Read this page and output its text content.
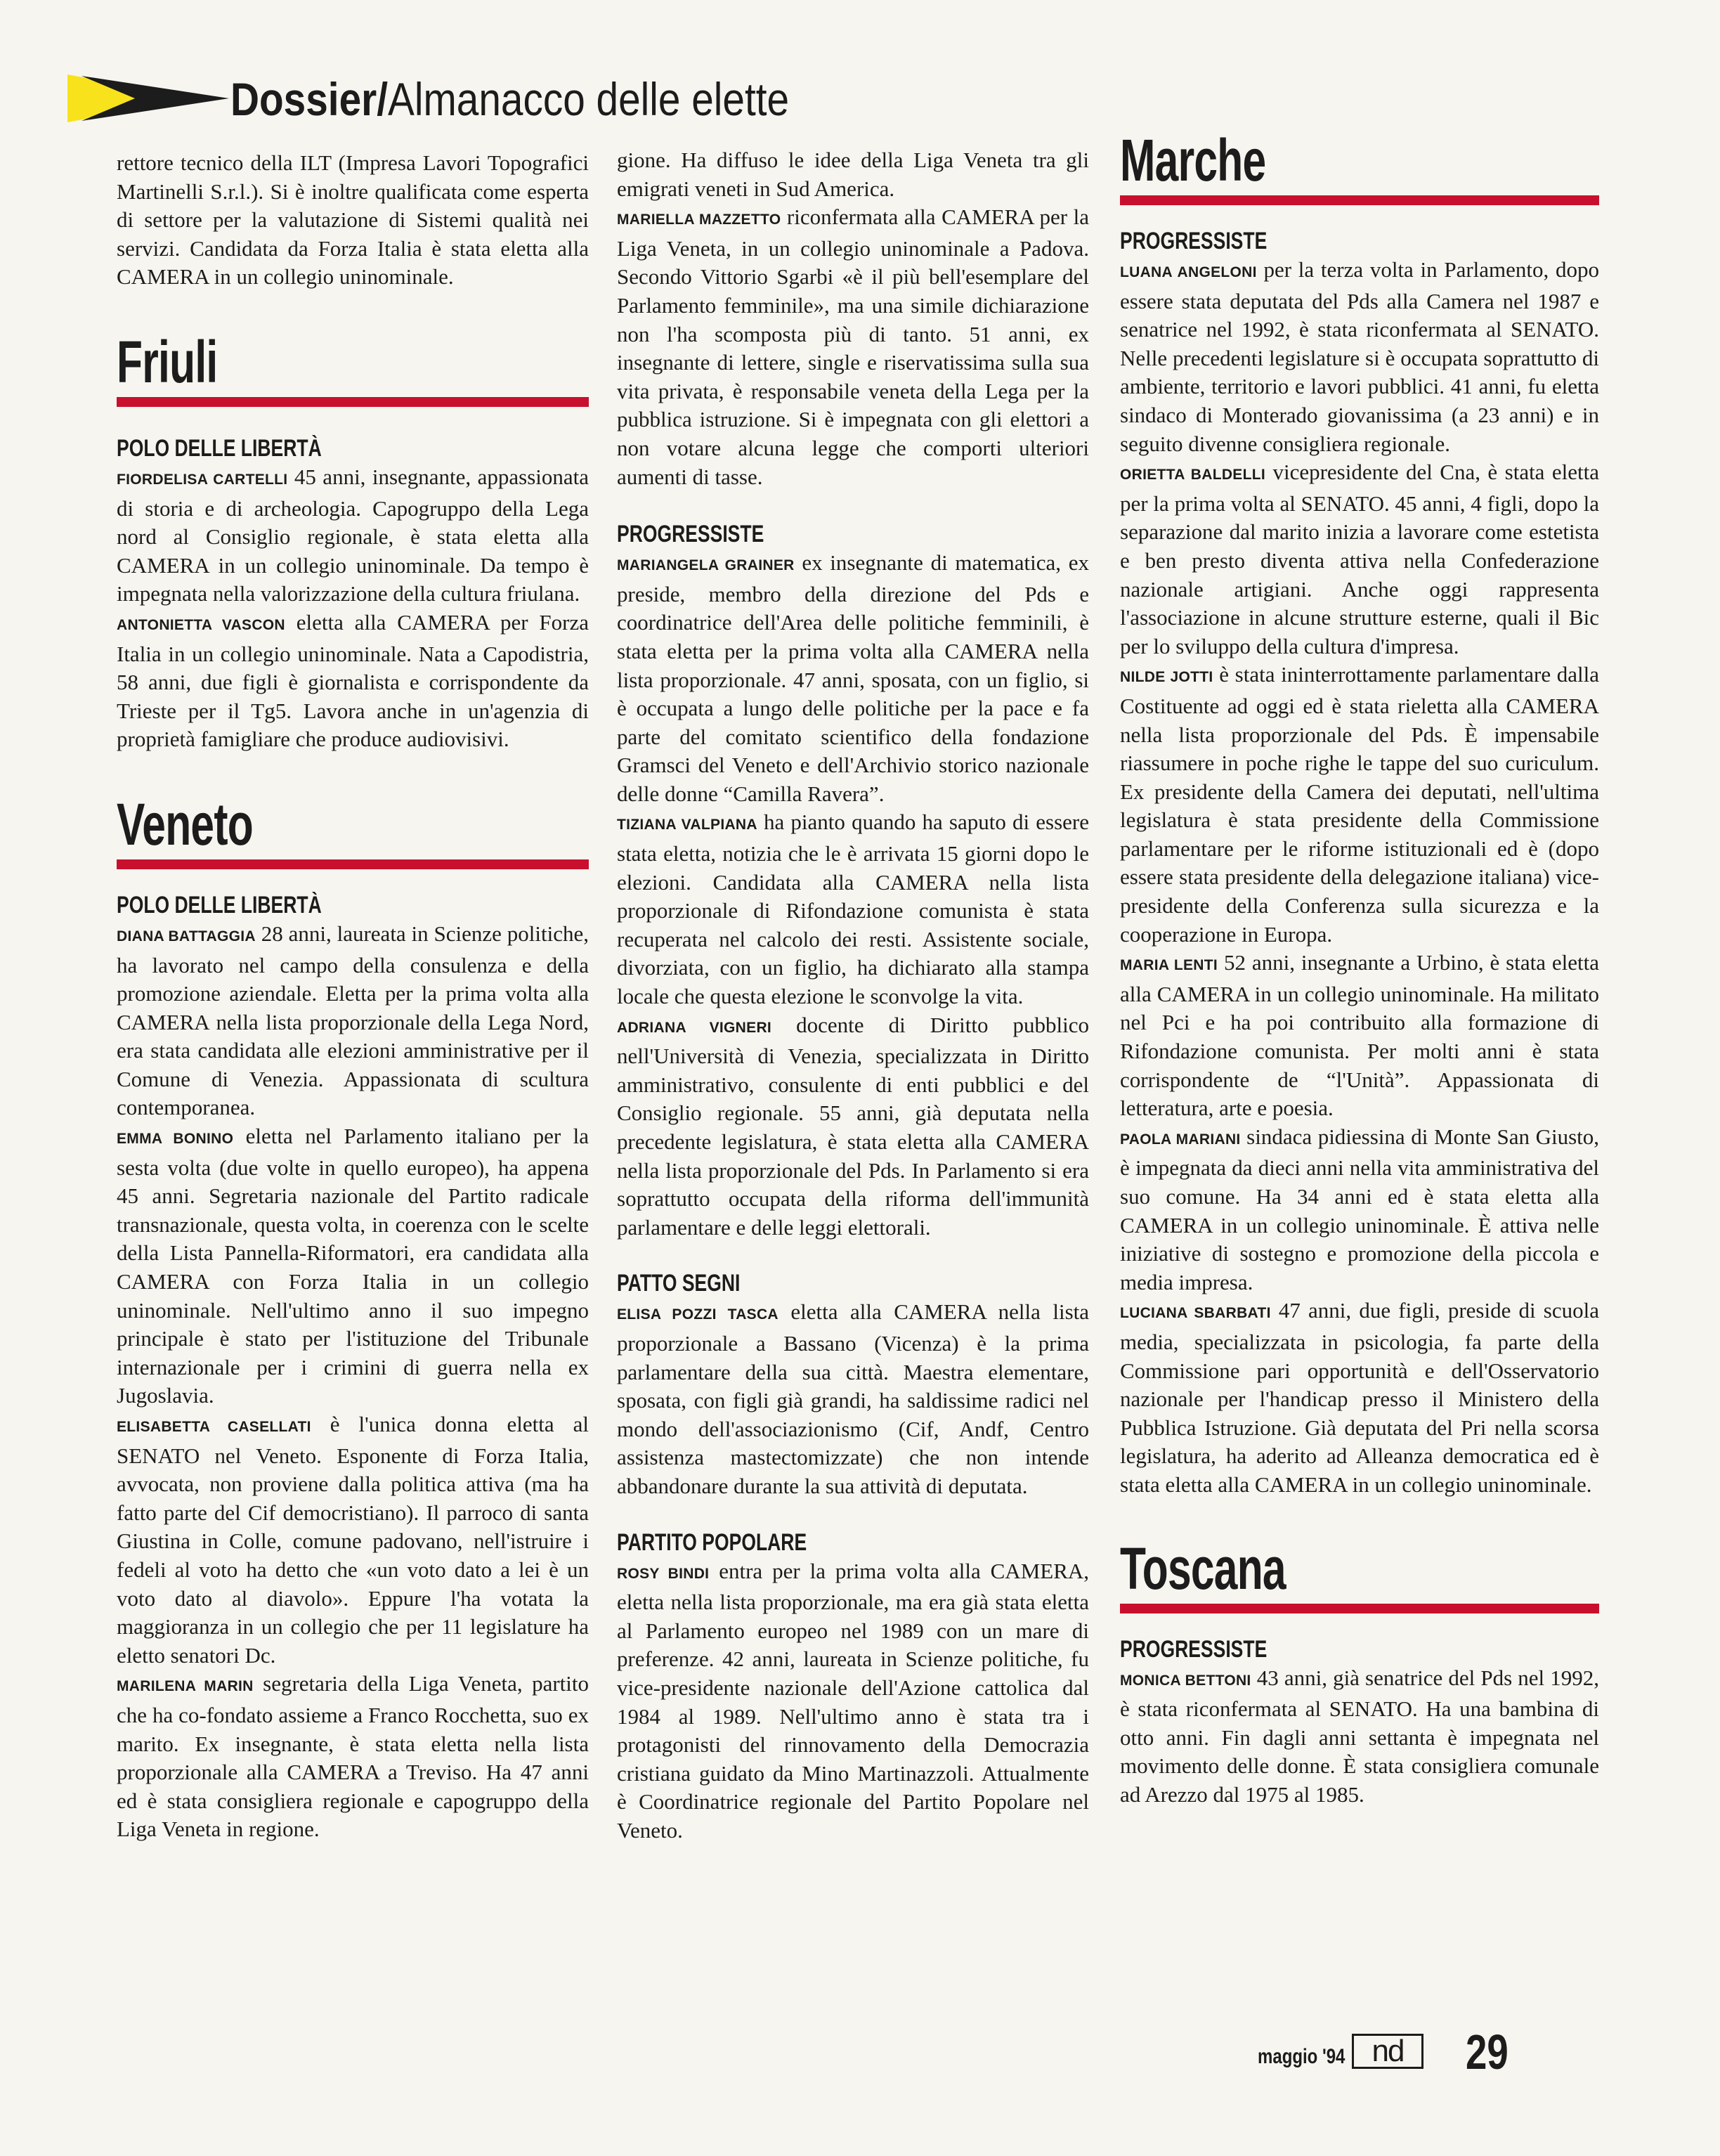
Dossier/Almanacco delle elette

rettore tecnico della ILT (Impresa Lavori Topografici Martinelli S.r.l.). Si è inoltre qualificata come esperta di settore per la valutazione di Sistemi qualità nei servizi. Candidata da Forza Italia è stata eletta alla CAMERA in un collegio uninominale.

Friuli
POLO DELLE LIBERTÀ

FIORDELISA CARTELLI 45 anni, insegnante, appassionata di storia e di archeologia. Capogruppo della Lega nord al Consiglio regionale, è stata eletta alla CAMERA in un collegio uninominale. Da tempo è impegnata nella valorizzazione della cultura friulana.

ANTONIETTA VASCON eletta alla CAMERA per Forza Italia in un collegio uninominale. Nata a Capodistria, 58 anni, due figli è giornalista e corrispondente da Trieste per il Tg5. Lavora anche in un'agenzia di proprietà famigliare che produce audiovisivi.

Veneto
POLO DELLE LIBERTÀ

DIANA BATTAGGIA 28 anni, laureata in Scienze politiche, ha lavorato nel campo della consulenza e della promozione aziendale. Eletta per la prima volta alla CAMERA nella lista proporzionale della Lega Nord, era stata candidata alle elezioni amministrative per il Comune di Venezia. Appassionata di scultura contemporanea.

EMMA BONINO eletta nel Parlamento italiano per la sesta volta (due volte in quello europeo), ha appena 45 anni. Segretaria nazionale del Partito radicale transnazionale, questa volta, in coerenza con le scelte della Lista Pannella-Riformatori, era candidata alla CAMERA con Forza Italia in un collegio uninominale. Nell'ultimo anno il suo impegno principale è stato per l'istituzione del Tribunale internazionale per i crimini di guerra nella ex Jugoslavia.

ELISABETTA CASELLATI è l'unica donna eletta al SENATO nel Veneto. Esponente di Forza Italia, avvocata, non proviene dalla politica attiva (ma ha fatto parte del Cif democristiano). Il parroco di santa Giustina in Colle, comune padovano, nell'istruire i fedeli al voto ha detto che «un voto dato a lei è un voto dato al diavolo». Eppure l'ha votata la maggioranza in un collegio che per 11 legislature ha eletto senatori Dc.

MARILENA MARIN segretaria della Liga Veneta, partito che ha co-fondato assieme a Franco Rocchetta, suo ex marito. Ex insegnante, è stata eletta nella lista proporzionale alla CAMERA a Treviso. Ha 47 anni ed è stata consigliera regionale e capogruppo della Liga Veneta in regione.

gione. Ha diffuso le idee della Liga Veneta tra gli emigrati veneti in Sud America.

MARIELLA MAZZETTO riconfermata alla CAMERA per la Liga Veneta, in un collegio uninominale a Padova. Secondo Vittorio Sgarbi «è il più bell'esemplare del Parlamento femminile», ma una simile dichiarazione non l'ha scomposta più di tanto. 51 anni, ex insegnante di lettere, single e riservatissima sulla sua vita privata, è responsabile veneta della Lega per la pubblica istruzione. Si è impegnata con gli elettori a non votare alcuna legge che comporti ulteriori aumenti di tasse.

PROGRESSISTE

MARIANGELA GRAINER ex insegnante di matematica, ex preside, membro della direzione del Pds e coordinatrice dell'Area delle politiche femminili, è stata eletta per la prima volta alla CAMERA nella lista proporzionale. 47 anni, sposata, con un figlio, si è occupata a lungo delle politiche per la pace e fa parte del comitato scientifico della fondazione Gramsci del Veneto e dell'Archivio storico nazionale delle donne “Camilla Ravera”.

TIZIANA VALPIANA ha pianto quando ha saputo di essere stata eletta, notizia che le è arrivata 15 giorni dopo le elezioni. Candidata alla CAMERA nella lista proporzionale di Rifondazione comunista è stata recuperata nel calcolo dei resti. Assistente sociale, divorziata, con un figlio, ha dichiarato alla stampa locale che questa elezione le sconvolge la vita.

ADRIANA VIGNERI docente di Diritto pubblico nell'Università di Venezia, specializzata in Diritto amministrativo, consulente di enti pubblici e del Consiglio regionale. 55 anni, già deputata nella precedente legislatura, è stata eletta alla CAMERA nella lista proporzionale del Pds. In Parlamento si era soprattutto occupata della riforma dell'immunità parlamentare e delle leggi elettorali.

PATTO SEGNI

ELISA POZZI TASCA eletta alla CAMERA nella lista proporzionale a Bassano (Vicenza) è la prima parlamentare della sua città. Maestra elementare, sposata, con figli già grandi, ha saldissime radici nel mondo dell'associazionismo (Cif, Andf, Centro assistenza mastectomizzate) che non intende abbandonare durante la sua attività di deputata.

PARTITO POPOLARE

ROSY BINDI entra per la prima volta alla CAMERA, eletta nella lista proporzionale, ma era già stata eletta al Parlamento europeo nel 1989 con un mare di preferenze. 42 anni, laureata in Scienze politiche, fu vice-presidente nazionale dell'Azione cattolica dal 1984 al 1989. Nell'ultimo anno è stata tra i protagonisti del rinnovamento della Democrazia cristiana guidato da Mino Martinazzoli. Attualmente è Coordinatrice regionale del Partito Popolare nel Veneto.

Marche
PROGRESSISTE

LUANA ANGELONI per la terza volta in Parlamento, dopo essere stata deputata del Pds alla Camera nel 1987 e senatrice nel 1992, è stata riconfermata al SENATO. Nelle precedenti legislature si è occupata soprattutto di ambiente, territorio e lavori pubblici. 41 anni, fu eletta sindaco di Monterado giovanissima (a 23 anni) e in seguito divenne consigliera regionale.

ORIETTA BALDELLI vicepresidente del Cna, è stata eletta per la prima volta al SENATO. 45 anni, 4 figli, dopo la separazione dal marito inizia a lavorare come estetista e ben presto diventa attiva nella Confederazione nazionale artigiani. Anche oggi rappresenta l'associazione in alcune strutture esterne, quali il Bic per lo sviluppo della cultura d'impresa.

NILDE JOTTI è stata ininterrottamente parlamentare dalla Costituente ad oggi ed è stata rieletta alla CAMERA nella lista proporzionale del Pds. È impensabile riassumere in poche righe le tappe del suo curiculum. Ex presidente della Camera dei deputati, nell'ultima legislatura è stata presidente della Commissione parlamentare per le riforme istituzionali ed è (dopo essere stata presidente della delegazione italiana) vice-presidente della Conferenza sulla sicurezza e la cooperazione in Europa.

MARIA LENTI 52 anni, insegnante a Urbino, è stata eletta alla CAMERA in un collegio uninominale. Ha militato nel Pci e ha poi contribuito alla formazione di Rifondazione comunista. Per molti anni è stata corrispondente de “l'Unità”. Appassionata di letteratura, arte e poesia.

PAOLA MARIANI sindaca pidiessina di Monte San Giusto, è impegnata da dieci anni nella vita amministrativa del suo comune. Ha 34 anni ed è stata eletta alla CAMERA in un collegio uninominale. È attiva nelle iniziative di sostegno e promozione della piccola e media impresa.

LUCIANA SBARBATI 47 anni, due figli, preside di scuola media, specializzata in psicologia, fa parte della Commissione pari opportunità e dell'Osservatorio nazionale per l'handicap presso il Ministero della Pubblica Istruzione. Già deputata del Pri nella scorsa legislatura, ha aderito ad Alleanza democratica ed è stata eletta alla CAMERA in un collegio uninominale.

Toscana
PROGRESSISTE

MONICA BETTONI 43 anni, già senatrice del Pds nel 1992, è stata riconfermata al SENATO. Ha una bambina di otto anni. Fin dagli anni settanta è impegnata nel movimento delle donne. È stata consigliera comunale ad Arezzo dal 1975 al 1985.

maggio '94 nd	29
